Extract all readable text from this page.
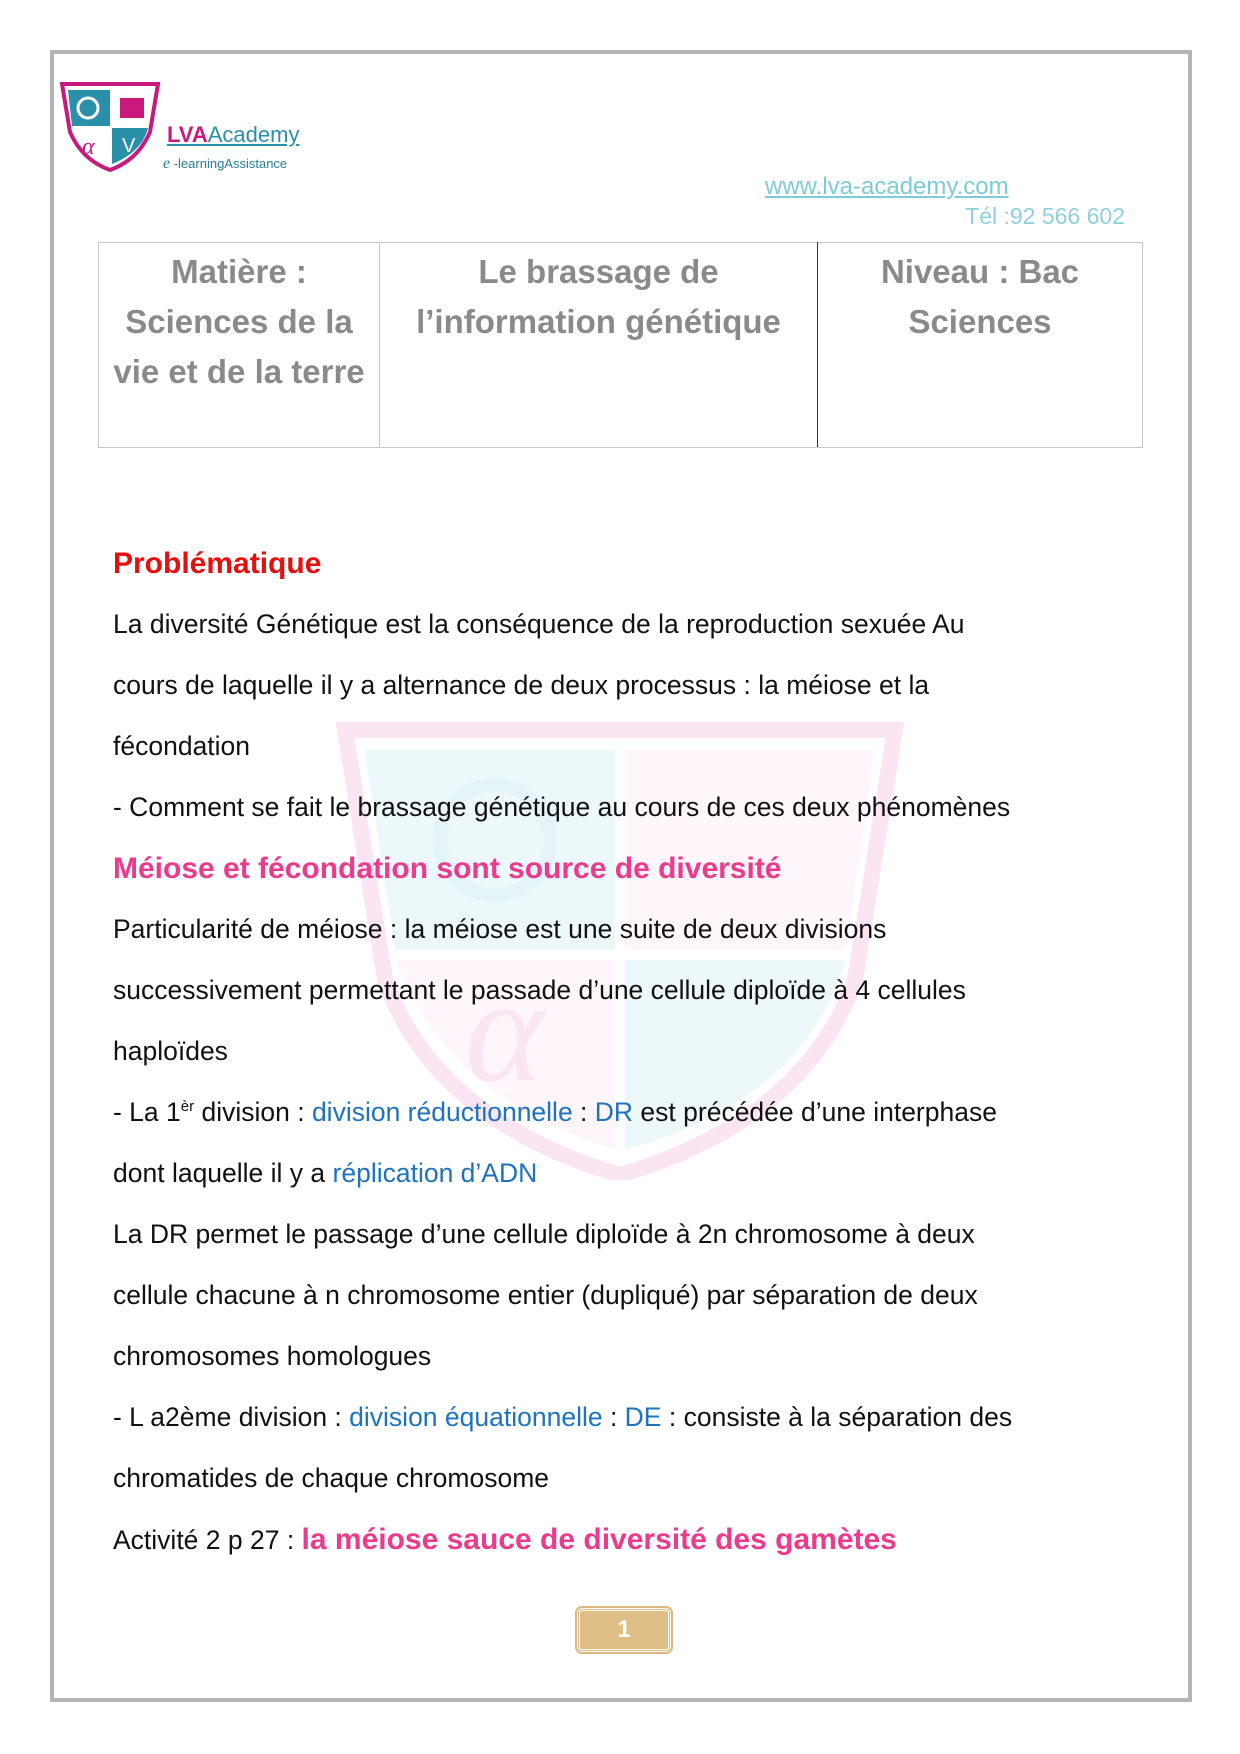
α V LVAAcademy
e -learningAssistance
www.lva-academy.com
Tél :92 566 602
Matière : Sciences de la vie et de la terre	Le brassage de l’information génétique	Niveau : Bac Sciences
α
Problématique
La diversité Génétique est la conséquence de la reproduction sexuée Au
cours de laquelle il y a alternance de deux processus : la méiose et la
fécondation
- Comment se fait le brassage génétique au cours de ces deux phénomènes
Méiose et fécondation sont source de diversité
Particularité de méiose : la méiose est une suite de deux divisions
successivement permettant le passade d’une cellule diploïde à 4 cellules
haploïdes
- La $1^{èr}$ division : division réductionnelle : DR est précédée d’une interphase
dont laquelle il y a réplication d’ADN
La DR permet le passage d’une cellule diploïde à 2n chromosome à deux
cellule chacune à n chromosome entier (dupliqué) par séparation de deux
chromosomes homologues
- L a2ème division : division équationnelle : DE : consiste à la séparation des
chromatides de chaque chromosome
Activité 2 p 27 : la méiose sauce de diversité des gamètes
1
